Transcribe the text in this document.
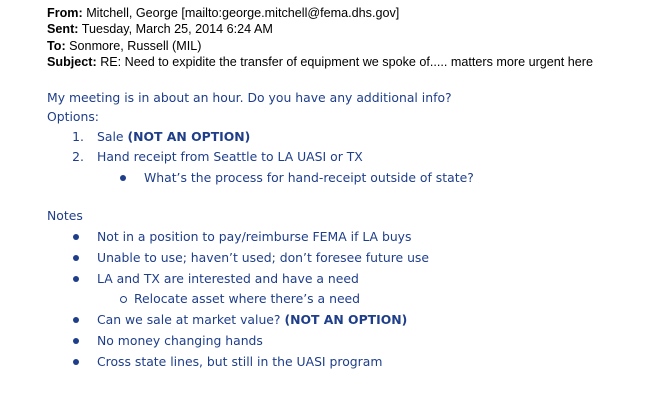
From: Mitchell, George [mailto:george.mitchell@fema.dhs.gov]
Sent: Tuesday, March 25, 2014 6:24 AM
To: Sonmore, Russell (MIL)
Subject: RE: Need to expidite the transfer of equipment we spoke of..... matters more urgent here
My meeting is in about an hour. Do you have any additional info?
Options:
1. Sale (NOT AN OPTION)
2. Hand receipt from Seattle to LA UASI or TX
What’s the process for hand-receipt outside of state?
Notes
Not in a position to pay/reimburse FEMA if LA buys
Unable to use; haven’t used; don’t foresee future use
LA and TX are interested and have a need
Relocate asset where there’s a need
Can we sale at market value? (NOT AN OPTION)
No money changing hands
Cross state lines, but still in the UASI program
